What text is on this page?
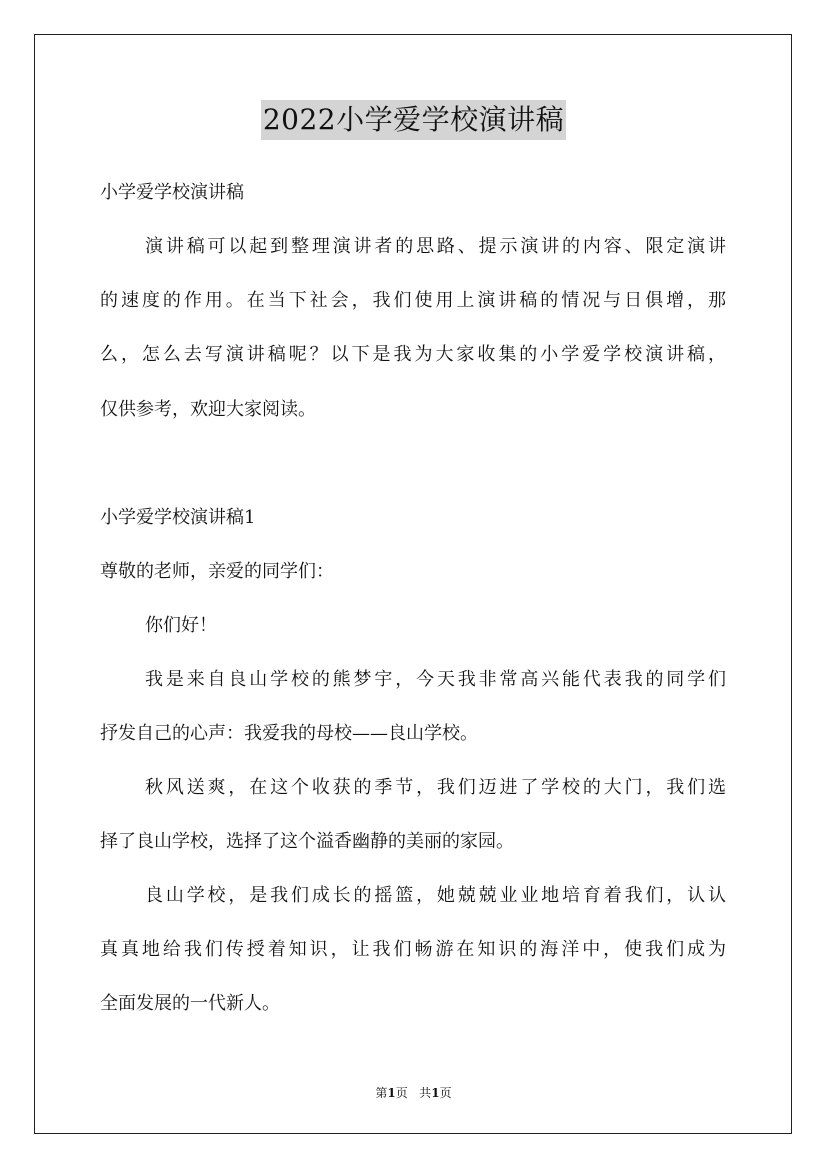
2022小学爱学校演讲稿
小学爱学校演讲稿
演讲稿可以起到整理演讲者的思路、提示演讲的内容、限定演讲
的速度的作用。在当下社会，我们使用上演讲稿的情况与日俱增，那
么，怎么去写演讲稿呢？以下是我为大家收集的小学爱学校演讲稿，
仅供参考，欢迎大家阅读。
小学爱学校演讲稿1
尊敬的老师，亲爱的同学们：
你们好！
我是来自良山学校的熊梦宇，今天我非常高兴能代表我的同学们
抒发自己的心声：我爱我的母校——良山学校。
秋风送爽，在这个收获的季节，我们迈进了学校的大门，我们选
择了良山学校，选择了这个溢香幽静的美丽的家园。
良山学校，是我们成长的摇篮，她兢兢业业地培育着我们，认认
真真地给我们传授着知识，让我们畅游在知识的海洋中，使我们成为
全面发展的一代新人。
第1页 共1页
